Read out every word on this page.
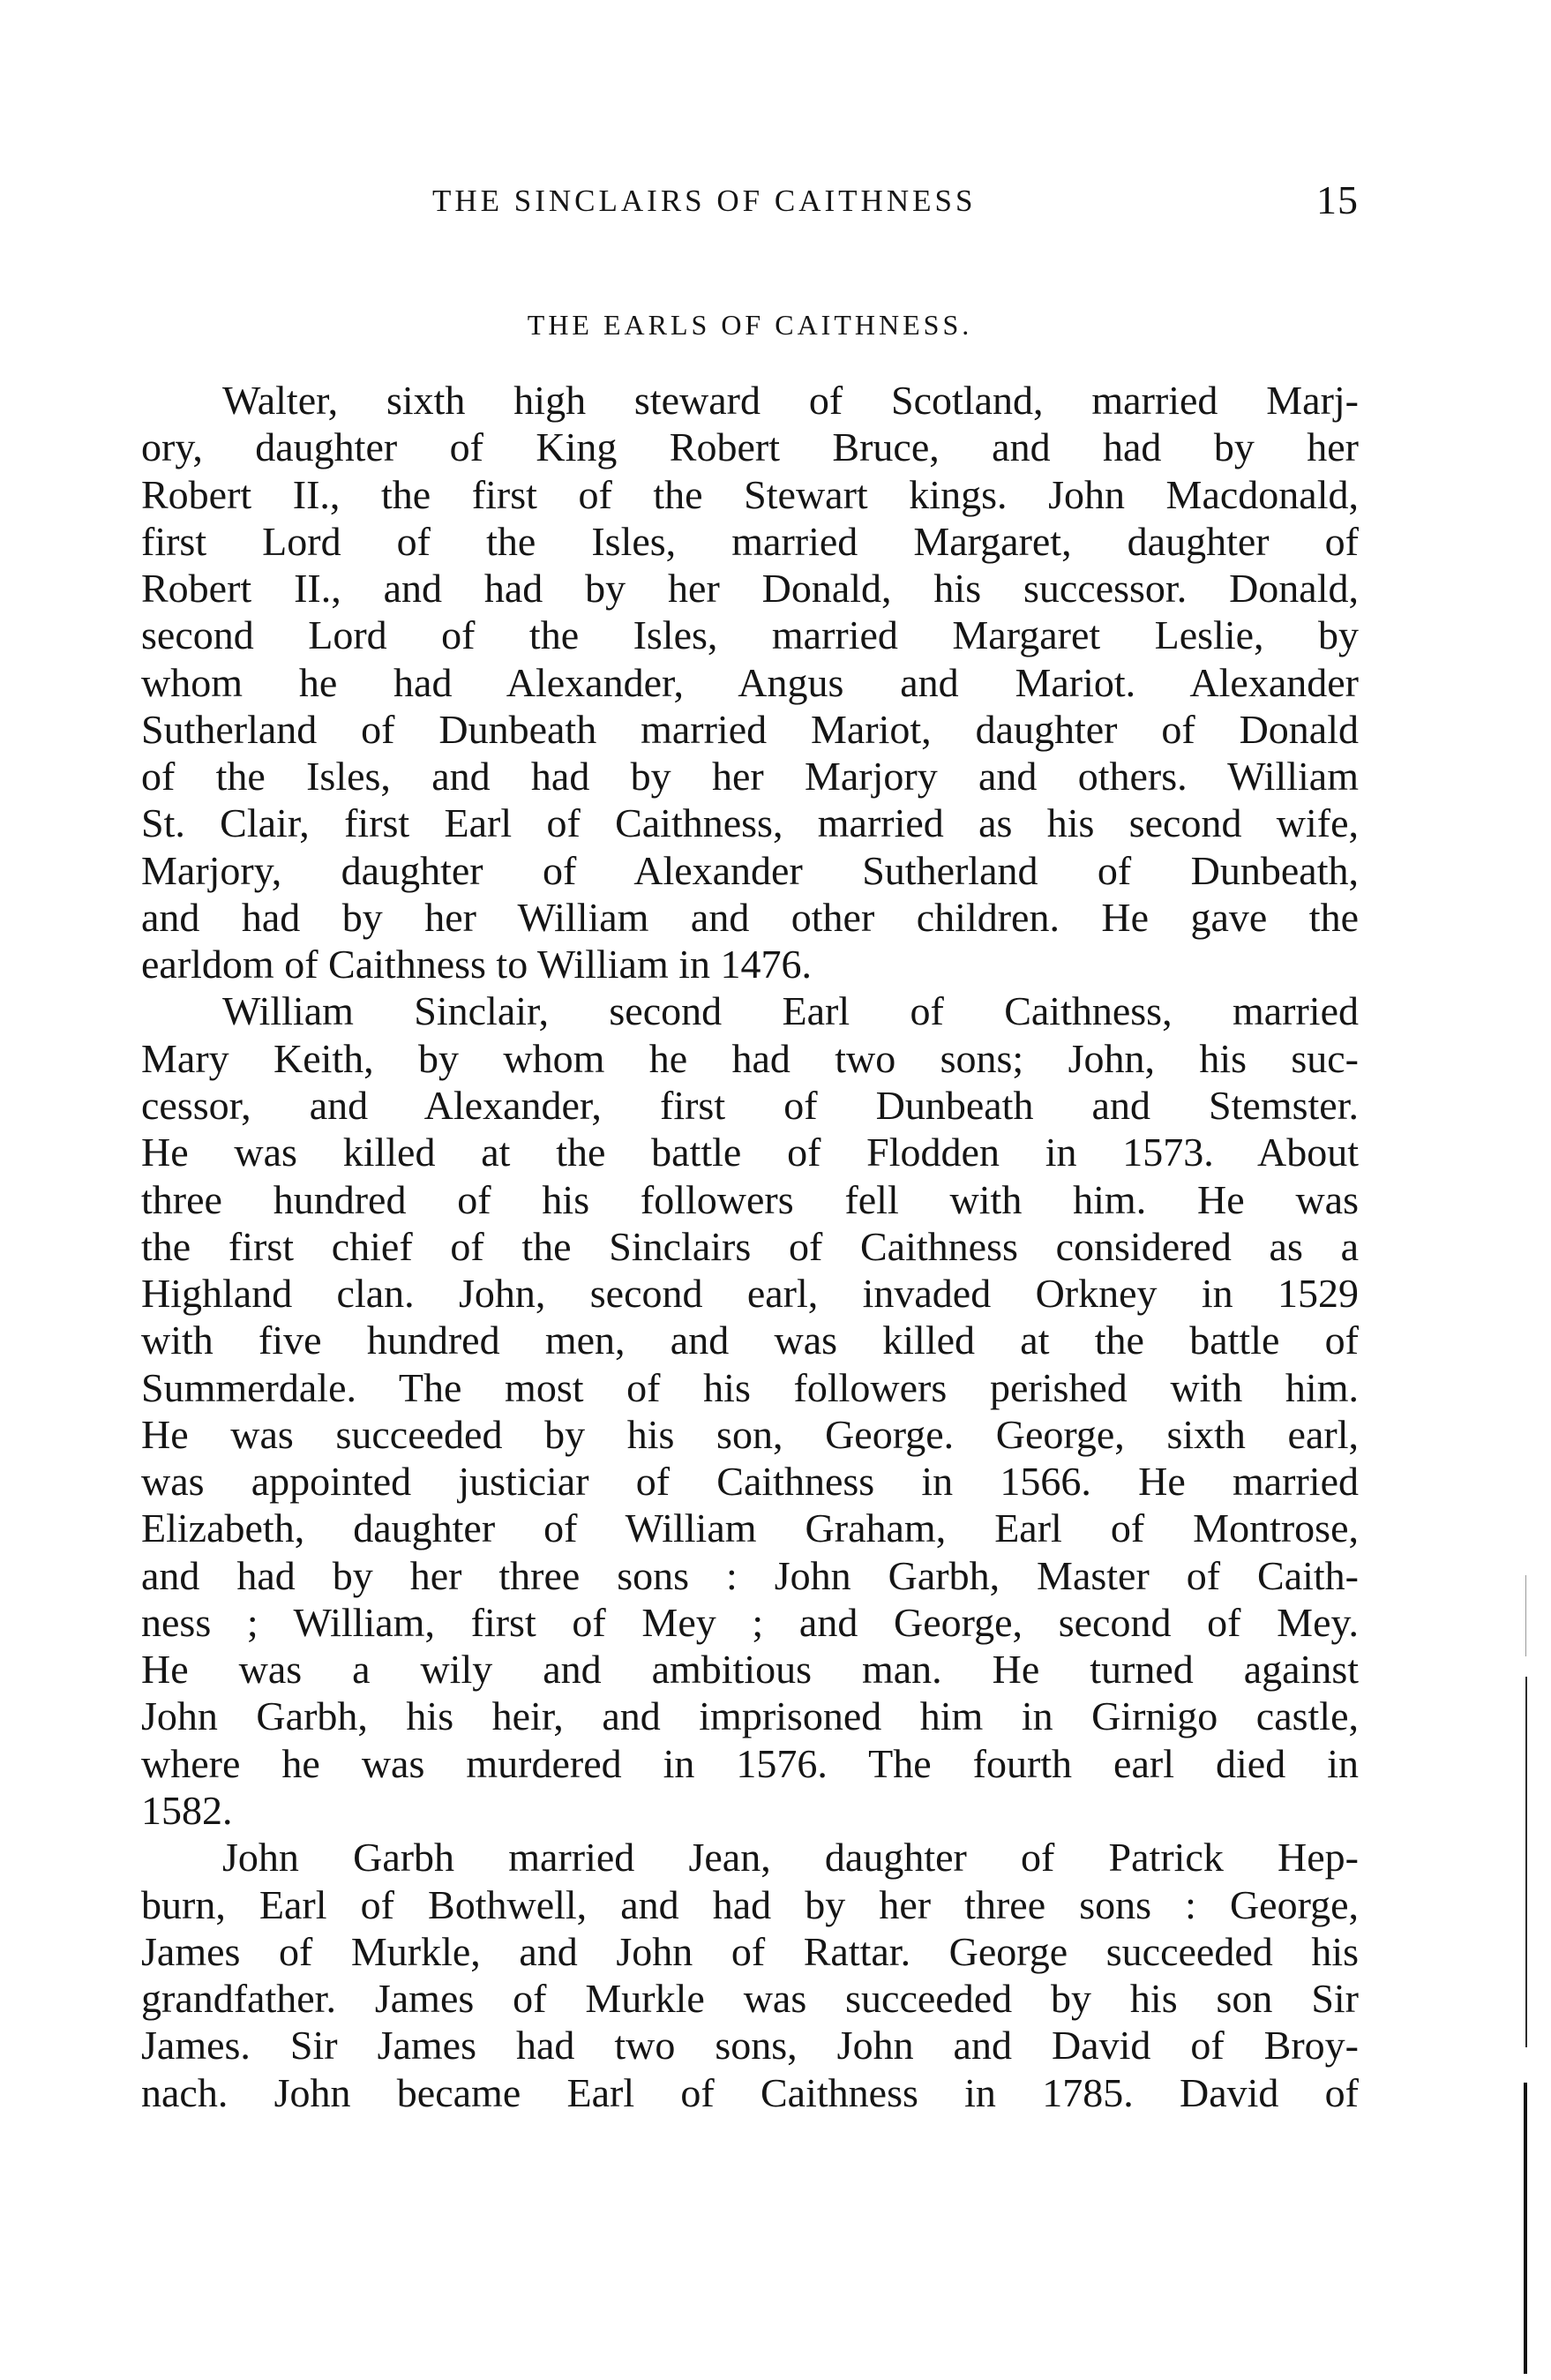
THE SINCLAIRS OF CAITHNESS	15
THE EARLS OF CAITHNESS.
Walter, sixth high steward of Scotland, married Marj-
ory, daughter of King Robert Bruce, and had by her
Robert II., the first of the Stewart kings. John Macdonald,
first Lord of the Isles, married Margaret, daughter of
Robert II., and had by her Donald, his successor. Donald,
second Lord of the Isles, married Margaret Leslie, by
whom he had Alexander, Angus and Mariot. Alexander
Sutherland of Dunbeath married Mariot, daughter of Donald
of the Isles, and had by her Marjory and others. William
St. Clair, first Earl of Caithness, married as his second wife,
Marjory, daughter of Alexander Sutherland of Dunbeath,
and had by her William and other children. He gave the
earldom of Caithness to William in 1476.
William Sinclair, second Earl of Caithness, married
Mary Keith, by whom he had two sons; John, his suc-
cessor, and Alexander, first of Dunbeath and Stemster.
He was killed at the battle of Flodden in 1573. About
three hundred of his followers fell with him. He was
the first chief of the Sinclairs of Caithness considered as a
Highland clan. John, second earl, invaded Orkney in 1529
with five hundred men, and was killed at the battle of
Summerdale. The most of his followers perished with him.
He was succeeded by his son, George. George, sixth earl,
was appointed justiciar of Caithness in 1566. He married
Elizabeth, daughter of William Graham, Earl of Montrose,
and had by her three sons : John Garbh, Master of Caith-
ness ; William, first of Mey ; and George, second of Mey.
He was a wily and ambitious man. He turned against
John Garbh, his heir, and imprisoned him in Girnigo castle,
where he was murdered in 1576. The fourth earl died in
1582.
John Garbh married Jean, daughter of Patrick Hep-
burn, Earl of Bothwell, and had by her three sons : George,
James of Murkle, and John of Rattar. George succeeded his
grandfather. James of Murkle was succeeded by his son Sir
James. Sir James had two sons, John and David of Broy-
nach. John became Earl of Caithness in 1785. David of
